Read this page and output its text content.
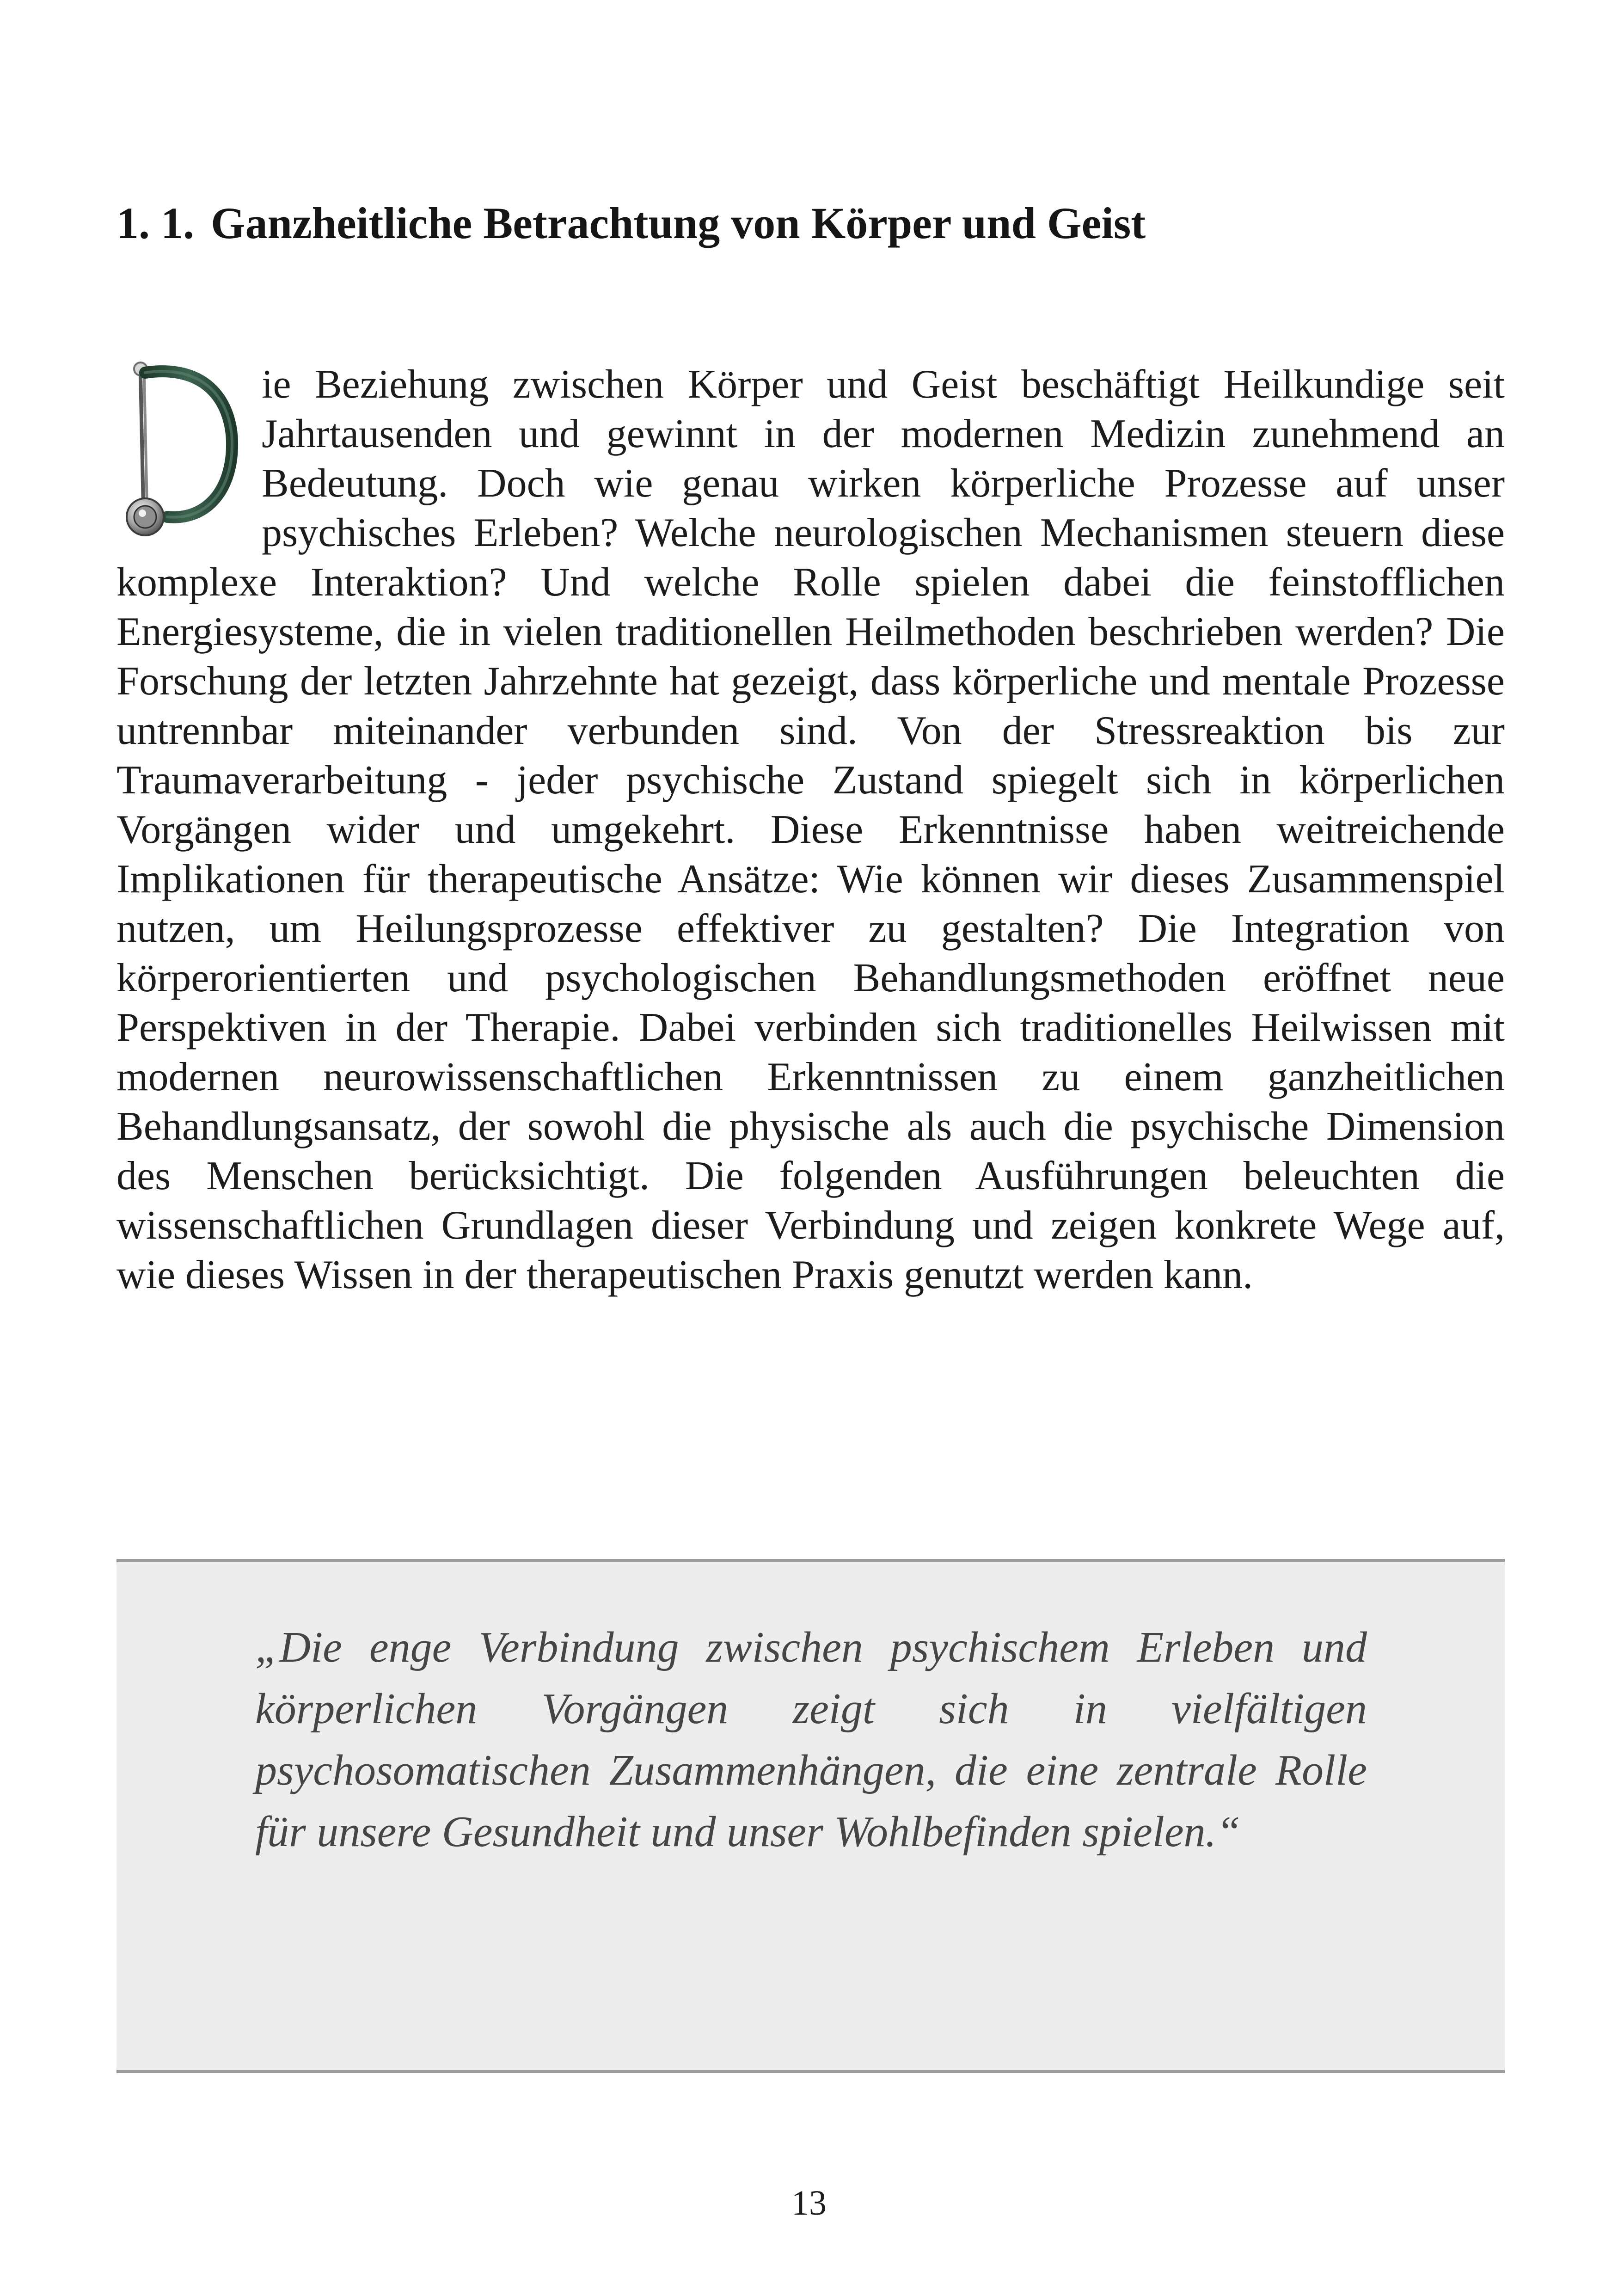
1. 1. Ganzheitliche Betrachtung von Körper und Geist

ie Beziehung zwischen Körper und Geist beschäftigt Heilkundige seit Jahrtausenden und gewinnt in der modernen Medizin zunehmend an Bedeutung. Doch wie genau wirken körperliche Prozesse auf unser psychisches Erleben? Welche neurologischen Mechanismen steuern diese komplexe Interaktion? Und welche Rolle spielen dabei die feinstofflichen Energiesysteme, die in vielen traditionellen Heilmethoden beschrieben werden? Die Forschung der letzten Jahrzehnte hat gezeigt, dass körperliche und mentale Prozesse untrennbar miteinander verbunden sind. Von der Stressreaktion bis zur Traumaverarbeitung - jeder psychische Zustand spiegelt sich in körperlichen Vorgängen wider und umgekehrt. Diese Erkenntnisse haben weitreichende Implikationen für therapeutische Ansätze: Wie können wir dieses Zusammenspiel nutzen, um Heilungsprozesse effektiver zu gestalten? Die Integration von körperorientierten und psychologischen Behandlungsmethoden eröffnet neue Perspektiven in der Therapie. Dabei verbinden sich traditionelles Heilwissen mit modernen neurowissenschaftlichen Erkenntnissen zu einem ganzheitlichen Behandlungsansatz, der sowohl die physische als auch die psychische Dimension des Menschen berücksichtigt. Die folgenden Ausführungen beleuchten die wissenschaftlichen Grundlagen dieser Verbindung und zeigen konkrete Wege auf, wie dieses Wissen in der therapeutischen Praxis genutzt werden kann.

„Die enge Verbindung zwischen psychischem Erleben und körperlichen Vorgängen zeigt sich in vielfältigen psychosomatischen Zusammenhängen, die eine zentrale Rolle für unsere Gesundheit und unser Wohlbefinden spielen.“

13
